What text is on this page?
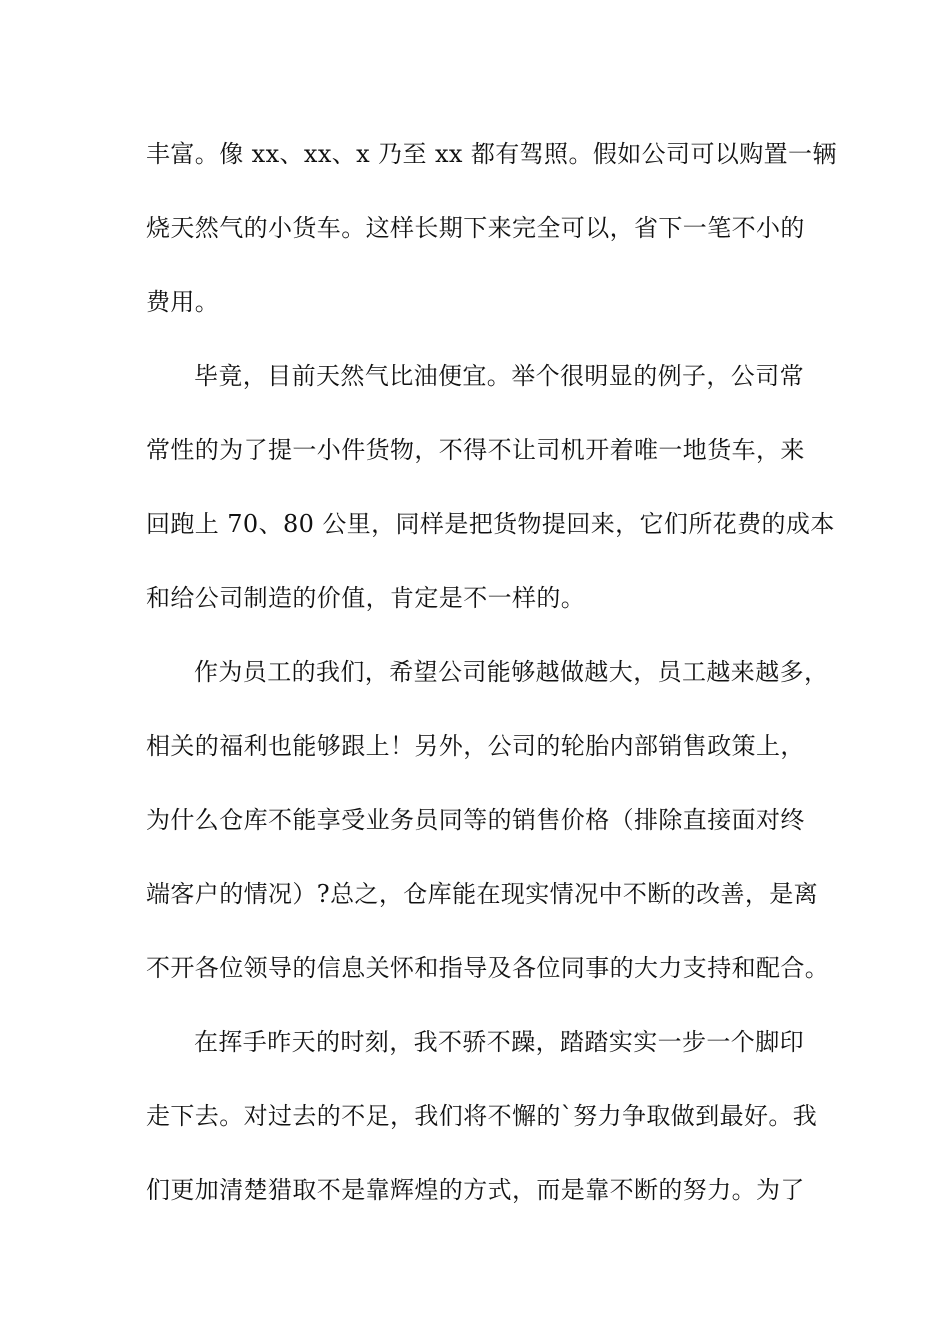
丰富。像 xx、xx、x 乃至 xx 都有驾照。假如公司可以购置一辆
烧天然气的小货车。这样长期下来完全可以，省下一笔不小的
费用。
毕竟，目前天然气比油便宜。举个很明显的例子，公司常
常性的为了提一小件货物，不得不让司机开着唯一地货车，来
回跑上 70、80 公里，同样是把货物提回来，它们所花费的成本
和给公司制造的价值，肯定是不一样的。
作为员工的我们，希望公司能够越做越大，员工越来越多，
相关的福利也能够跟上！另外，公司的轮胎内部销售政策上，
为什么仓库不能享受业务员同等的销售价格（排除直接面对终
端客户的情况）?总之，仓库能在现实情况中不断的改善，是离
不开各位领导的信息关怀和指导及各位同事的大力支持和配合。
在挥手昨天的时刻，我不骄不躁，踏踏实实一步一个脚印
走下去。对过去的不足，我们将不懈的`努力争取做到最好。我
们更加清楚猎取不是靠辉煌的方式，而是靠不断的努力。为了
